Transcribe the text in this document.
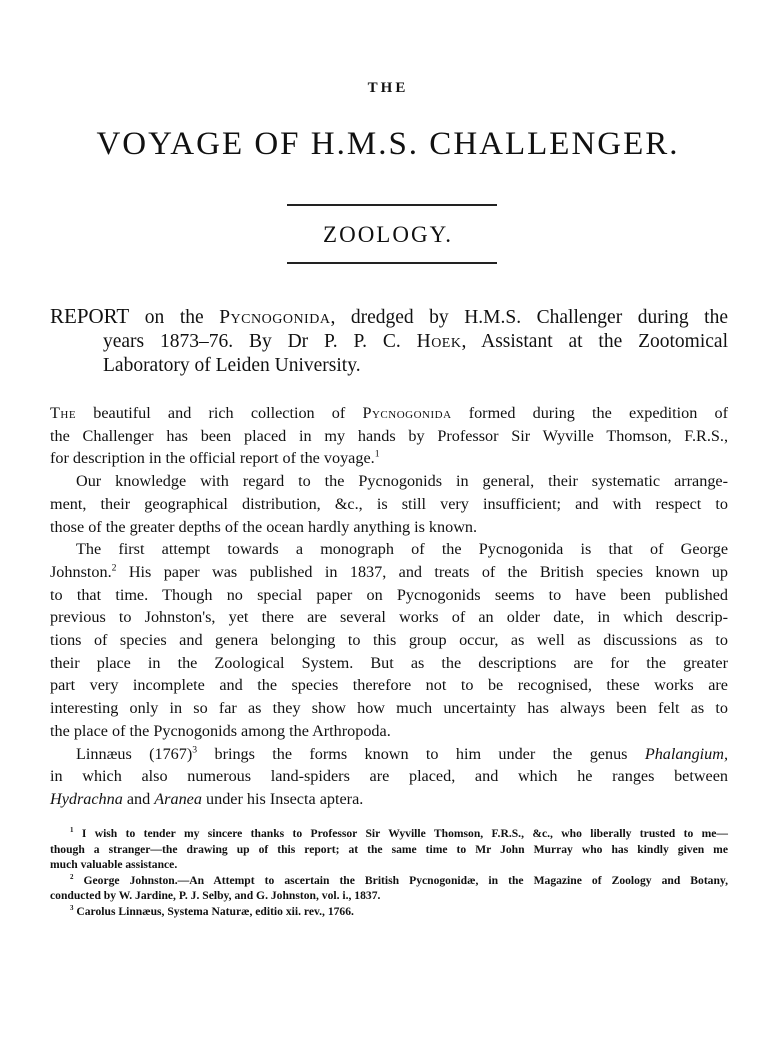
THE
VOYAGE OF H.M.S. CHALLENGER.
ZOOLOGY.
REPORT on the Pycnogonida, dredged by H.M.S. Challenger during the
years 1873–76. By Dr P. P. C. Hoek, Assistant at the Zootomical
Laboratory of Leiden University.
The beautiful and rich collection of Pycnogonida formed during the expedition of
the Challenger has been placed in my hands by Professor Sir Wyville Thomson, F.R.S.,
for description in the official report of the voyage.$^1$
Our knowledge with regard to the Pycnogonids in general, their systematic arrange-
ment, their geographical distribution, &c., is still very insufficient; and with respect to
those of the greater depths of the ocean hardly anything is known.
The first attempt towards a monograph of the Pycnogonida is that of George
Johnston.$^2$ His paper was published in 1837, and treats of the British species known up
to that time. Though no special paper on Pycnogonids seems to have been published
previous to Johnston's, yet there are several works of an older date, in which descrip-
tions of species and genera belonging to this group occur, as well as discussions as to
their place in the Zoological System. But as the descriptions are for the greater
part very incomplete and the species therefore not to be recognised, these works are
interesting only in so far as they show how much uncertainty has always been felt as to
the place of the Pycnogonids among the Arthropoda.
Linnæus $(1767)^3$ brings the forms known to him under the genus Phalangium,
in which also numerous land-spiders are placed, and which he ranges between
Hydrachna and Aranea under his Insecta aptera.
$^1$ I wish to tender my sincere thanks to Professor Sir Wyville Thomson, F.R.S., &c., who liberally trusted to me—
though a stranger—the drawing up of this report; at the same time to Mr John Murray who has kindly given me
much valuable assistance.
$^2$ George Johnston.—An Attempt to ascertain the British Pycnogonidæ, in the Magazine of Zoology and Botany,
conducted by W. Jardine, P. J. Selby, and G. Johnston, vol. i., 1837.
$^3$ Carolus Linnæus, Systema Naturæ, editio xii. rev., 1766.
